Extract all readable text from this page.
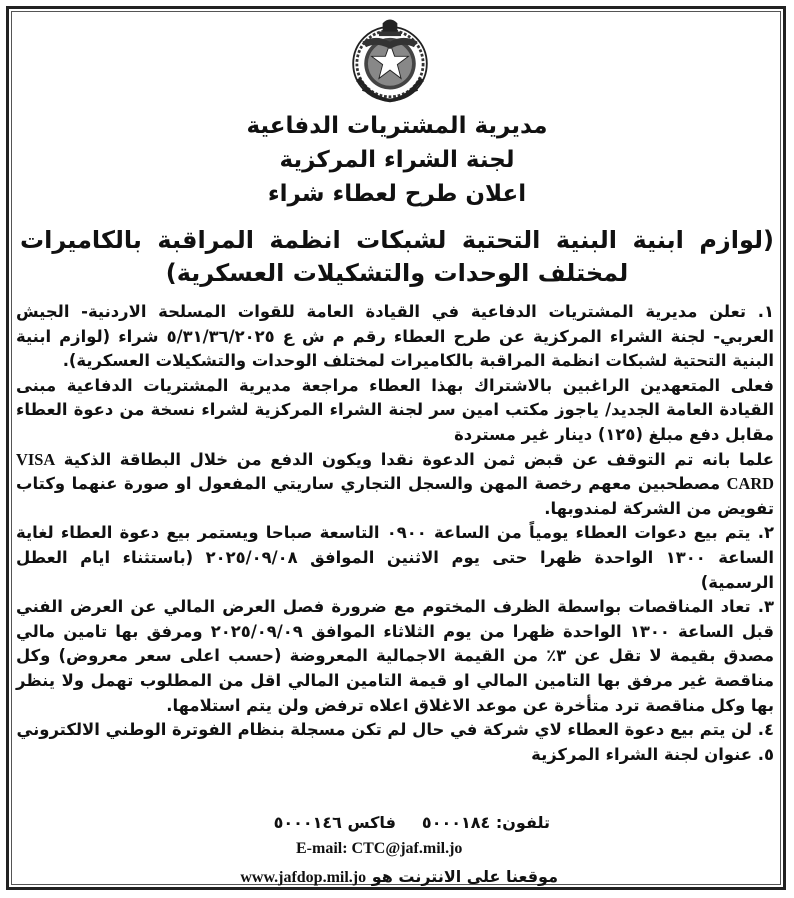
مديرية المشتريات الدفاعية
لجنة الشراء المركزية
اعلان طرح لعطاء شراء
(لوازم ابنية البنية التحتية لشبكات انظمة المراقبة بالكاميرات لمختلف الوحدات والتشكيلات العسكرية)

١. تعلن مديرية المشتريات الدفاعية في القيادة العامة للقوات المسلحة الاردنية- الجيش العربي- لجنة الشراء المركزية عن طرح العطاء رقم م ش ع ٥/٣١/٣٦/٢٠٢٥ شراء (لوازم ابنية البنية التحتية لشبكات انظمة المراقبة بالكاميرات لمختلف الوحدات والتشكيلات العسكرية).

فعلى المتعهدين الراغبين بالاشتراك بهذا العطاء مراجعة مديرية المشتريات الدفاعية مبنى القيادة العامة الجديد/ ياجوز مكتب امين سر لجنة الشراء المركزية لشراء نسخة من دعوة العطاء مقابل دفع مبلغ (١٢٥) دينار غير مستردة

علما بانه تم التوقف عن قبض ثمن الدعوة نقدا ويكون الدفع من خلال البطاقة الذكية VISA CARD مصطحبين معهم رخصة المهن والسجل التجاري ساريتي المفعول او صورة عنهما وكتاب تفويض من الشركة لمندوبها.

٢. يتم بيع دعوات العطاء يومياً من الساعة ٠٩٠٠ التاسعة صباحا ويستمر بيع دعوة العطاء لغاية الساعة ١٣٠٠ الواحدة ظهرا حتى يوم الاثنين الموافق ٢٠٢٥/٠٩/٠٨ (باستثناء ايام العطل الرسمية)

٣. تعاد المناقصات بواسطة الظرف المختوم مع ضرورة فصل العرض المالي عن العرض الفني قبل الساعة ١٣٠٠ الواحدة ظهرا من يوم الثلاثاء الموافق ٢٠٢٥/٠٩/٠٩ ومرفق بها تامين مالي مصدق بقيمة لا تقل عن ٣٪ من القيمة الاجمالية المعروضة (حسب اعلى سعر معروض) وكل مناقصة غير مرفق بها التامين المالي او قيمة التامين المالي اقل من المطلوب تهمل ولا ينظر بها وكل مناقصة ترد متأخرة عن موعد الاغلاق اعلاه ترفض ولن يتم استلامها.

٤. لن يتم بيع دعوة العطاء لاي شركة في حال لم تكن مسجلة بنظام الفوترة الوطني الالكتروني

٥. عنوان لجنة الشراء المركزية

تلفون: ٥٠٠٠١٨٤فاكس ٥٠٠٠١٤٦
E-mail: CTC@jaf.mil.jo
موقعنا على الانترنت هو www.jafdop.mil.jo
